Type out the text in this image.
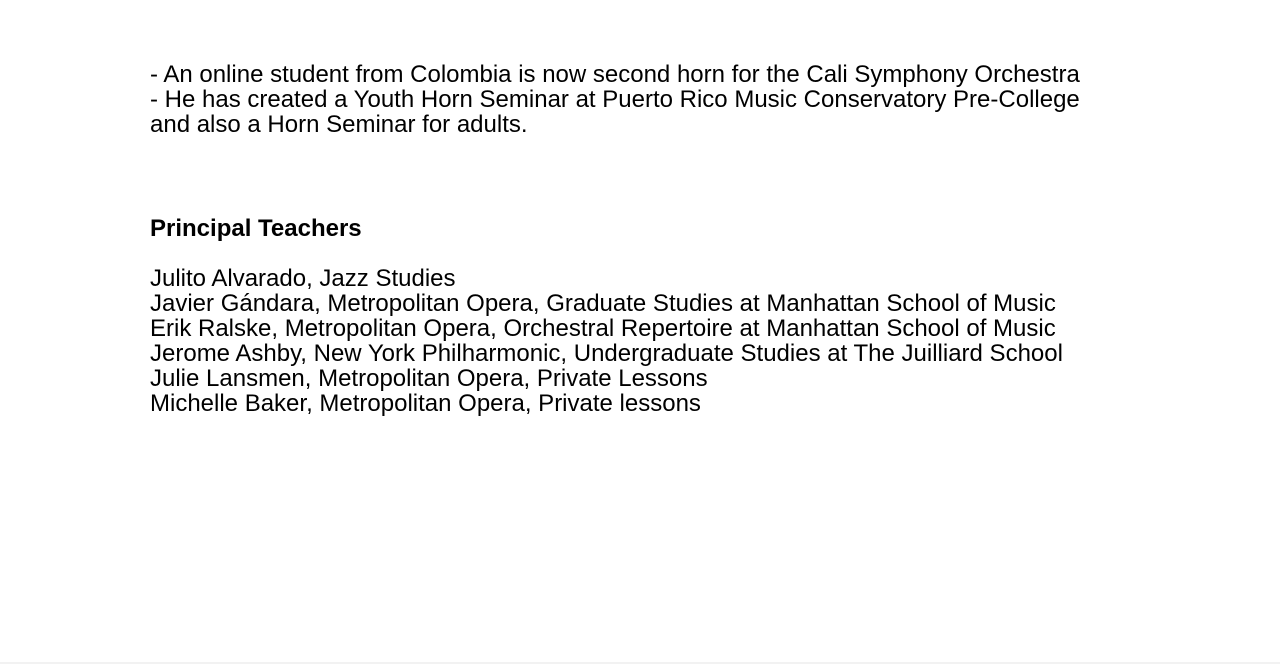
- An online student from Colombia is now second horn for the Cali Symphony Orchestra
- He has created a Youth Horn Seminar at Puerto Rico Music Conservatory Pre-College and also a Horn Seminar for adults.
Principal Teachers
Julito Alvarado, Jazz Studies
Javier Gándara, Metropolitan Opera, Graduate Studies at Manhattan School of Music
Erik Ralske, Metropolitan Opera, Orchestral Repertoire at Manhattan School of Music
Jerome Ashby, New York Philharmonic, Undergraduate Studies at The Juilliard School
Julie Lansmen, Metropolitan Opera, Private Lessons
Michelle Baker, Metropolitan Opera, Private lessons
